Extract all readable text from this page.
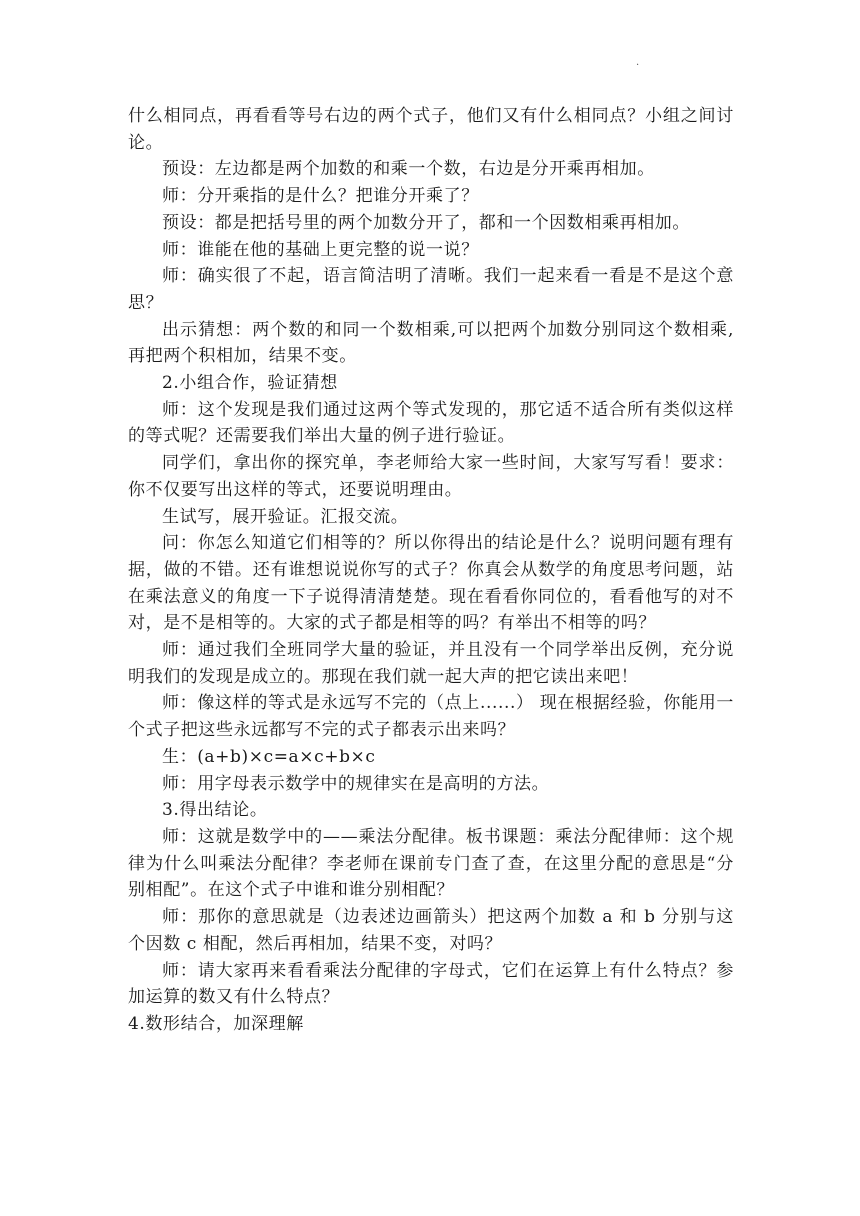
.

什么相同点，再看看等号右边的两个式子，他们又有什么相同点？小组之间讨论。

预设：左边都是两个加数的和乘一个数，右边是分开乘再相加。

师：分开乘指的是什么？把谁分开乘了？

预设：都是把括号里的两个加数分开了，都和一个因数相乘再相加。

师：谁能在他的基础上更完整的说一说？

师：确实很了不起，语言简洁明了清晰。我们一起来看一看是不是这个意思？

出示猜想：两个数的和同一个数相乘,可以把两个加数分别同这个数相乘,再把两个积相加，结果不变。

2.小组合作，验证猜想

师：这个发现是我们通过这两个等式发现的，那它适不适合所有类似这样的等式呢？还需要我们举出大量的例子进行验证。

同学们，拿出你的探究单，李老师给大家一些时间，大家写写看！要求：你不仅要写出这样的等式，还要说明理由。

生试写，展开验证。汇报交流。

问：你怎么知道它们相等的？所以你得出的结论是什么？说明问题有理有据，做的不错。还有谁想说说你写的式子？你真会从数学的角度思考问题，站在乘法意义的角度一下子说得清清楚楚。现在看看你同位的，看看他写的对不对，是不是相等的。大家的式子都是相等的吗？有举出不相等的吗？

师：通过我们全班同学大量的验证，并且没有一个同学举出反例，充分说明我们的发现是成立的。那现在我们就一起大声的把它读出来吧！

师：像这样的等式是永远写不完的（点上......） 现在根据经验，你能用一个式子把这些永远都写不完的式子都表示出来吗？

生：(a+b)×c=a×c+b×c

师：用字母表示数学中的规律实在是高明的方法。

3.得出结论。

师：这就是数学中的——乘法分配律。板书课题：乘法分配律师：这个规律为什么叫乘法分配律？李老师在课前专门查了查，在这里分配的意思是“分别相配”。在这个式子中谁和谁分别相配？

师：那你的意思就是（边表述边画箭头）把这两个加数 a 和 b 分别与这个因数 c 相配，然后再相加，结果不变，对吗？

师：请大家再来看看乘法分配律的字母式，它们在运算上有什么特点？参加运算的数又有什么特点？

4.数形结合，加深理解
